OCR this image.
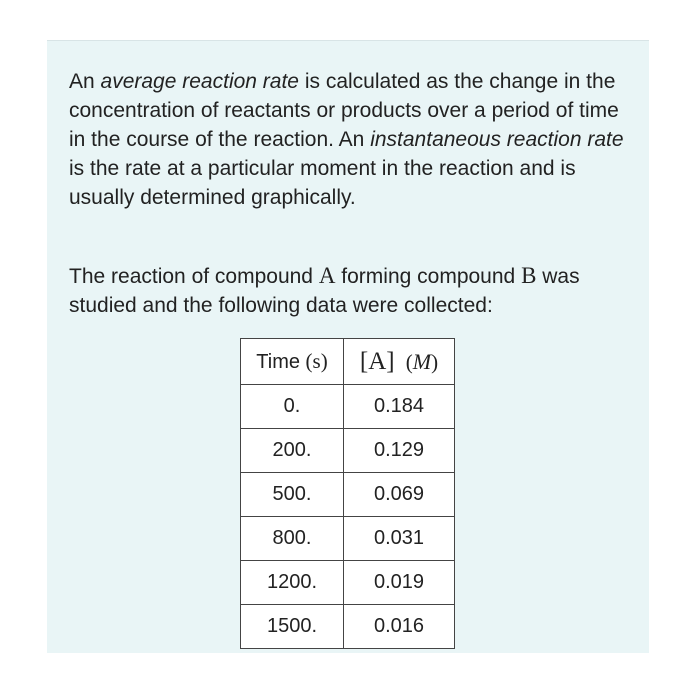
An average reaction rate is calculated as the change in the concentration of reactants or products over a period of time in the course of the reaction. An instantaneous reaction rate is the rate at a particular moment in the reaction and is usually determined graphically.
The reaction of compound A forming compound B was studied and the following data were collected:
Time (s)	[A] (M)
0.	0.184
200.	0.129
500.	0.069
800.	0.031
1200.	0.019
1500.	0.016
